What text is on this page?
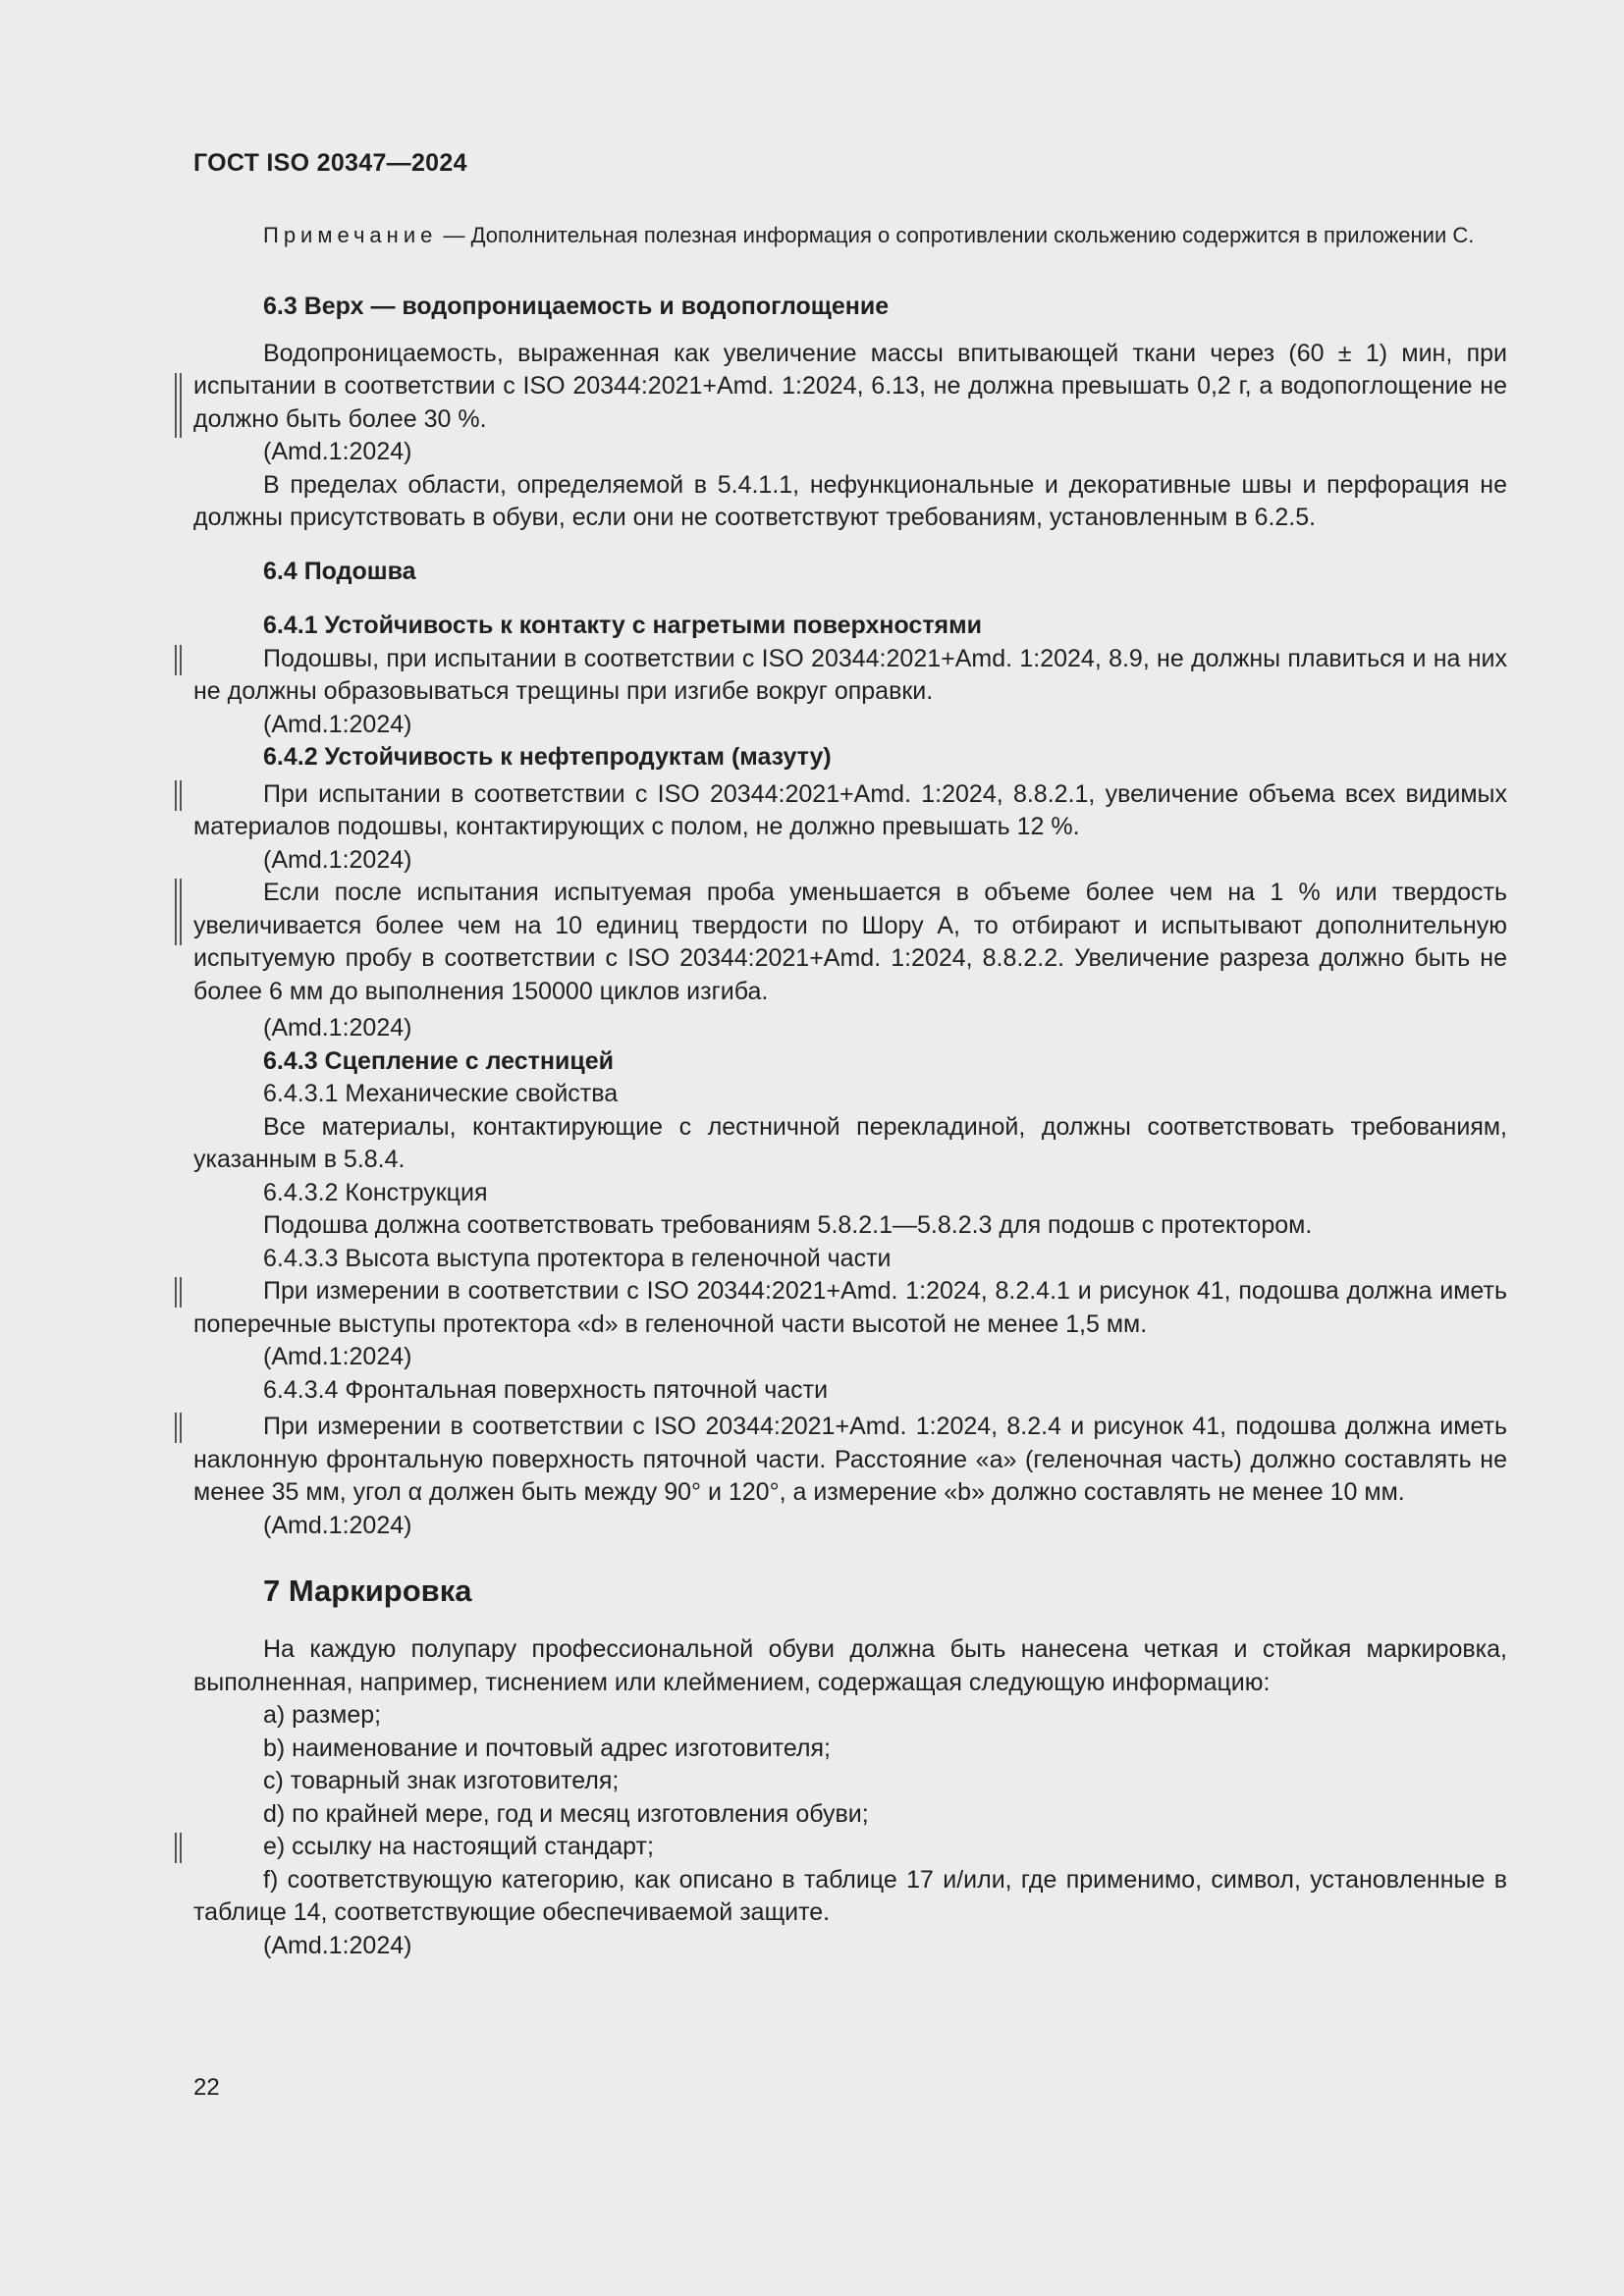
ГОСТ ISO 20347—2024

Примечание — Дополнительная полезная информация о сопротивлении скольжению содержится в приложении С.

6.3 Верх — водопроницаемость и водопоглощение

Водопроницаемость, выраженная как увеличение массы впитывающей ткани через (60 ± 1) мин, при испытании в соответствии с ISO 20344:2021+Amd. 1:2024, 6.13, не должна превышать 0,2 г, а водопоглощение не должно быть более 30 %.

(Amd.1:2024)

В пределах области, определяемой в 5.4.1.1, нефункциональные и декоративные швы и перфорация не должны присутствовать в обуви, если они не соответствуют требованиям, установленным в 6.2.5.

6.4 Подошва

6.4.1 Устойчивость к контакту с нагретыми поверхностями

Подошвы, при испытании в соответствии с ISO 20344:2021+Amd. 1:2024, 8.9, не должны плавиться и на них не должны образовываться трещины при изгибе вокруг оправки.

(Amd.1:2024)

6.4.2 Устойчивость к нефтепродуктам (мазуту)

При испытании в соответствии с ISO 20344:2021+Amd. 1:2024, 8.8.2.1, увеличение объема всех видимых материалов подошвы, контактирующих с полом, не должно превышать 12 %.

(Amd.1:2024)

Если после испытания испытуемая проба уменьшается в объеме более чем на 1 % или твердость увеличивается более чем на 10 единиц твердости по Шору А, то отбирают и испытывают дополнительную испытуемую пробу в соответствии с ISO 20344:2021+Amd. 1:2024, 8.8.2.2. Увеличение разреза должно быть не более 6 мм до выполнения 150000 циклов изгиба.

(Amd.1:2024)

6.4.3 Сцепление с лестницей

6.4.3.1 Механические свойства

Все материалы, контактирующие с лестничной перекладиной, должны соответствовать требованиям, указанным в 5.8.4.

6.4.3.2 Конструкция

Подошва должна соответствовать требованиям 5.8.2.1—5.8.2.3 для подошв с протектором.

6.4.3.3 Высота выступа протектора в геленочной части

При измерении в соответствии с ISO 20344:2021+Amd. 1:2024, 8.2.4.1 и рисунок 41, подошва должна иметь поперечные выступы протектора «d» в геленочной части высотой не менее 1,5 мм.

(Amd.1:2024)

6.4.3.4 Фронтальная поверхность пяточной части

При измерении в соответствии с ISO 20344:2021+Amd. 1:2024, 8.2.4 и рисунок 41, подошва должна иметь наклонную фронтальную поверхность пяточной части. Расстояние «a» (геленочная часть) должно составлять не менее 35 мм, угол α должен быть между 90° и 120°, а измерение «b» должно составлять не менее 10 мм.

(Amd.1:2024)

7 Маркировка

На каждую полупару профессиональной обуви должна быть нанесена четкая и стойкая маркировка, выполненная, например, тиснением или клеймением, содержащая следующую информацию:

a) размер;

b) наименование и почтовый адрес изготовителя;

c) товарный знак изготовителя;

d) по крайней мере, год и месяц изготовления обуви;

e) ссылку на настоящий стандарт;

f) соответствующую категорию, как описано в таблице 17 и/или, где применимо, символ, установленные в таблице 14, соответствующие обеспечиваемой защите.

(Amd.1:2024)

22
